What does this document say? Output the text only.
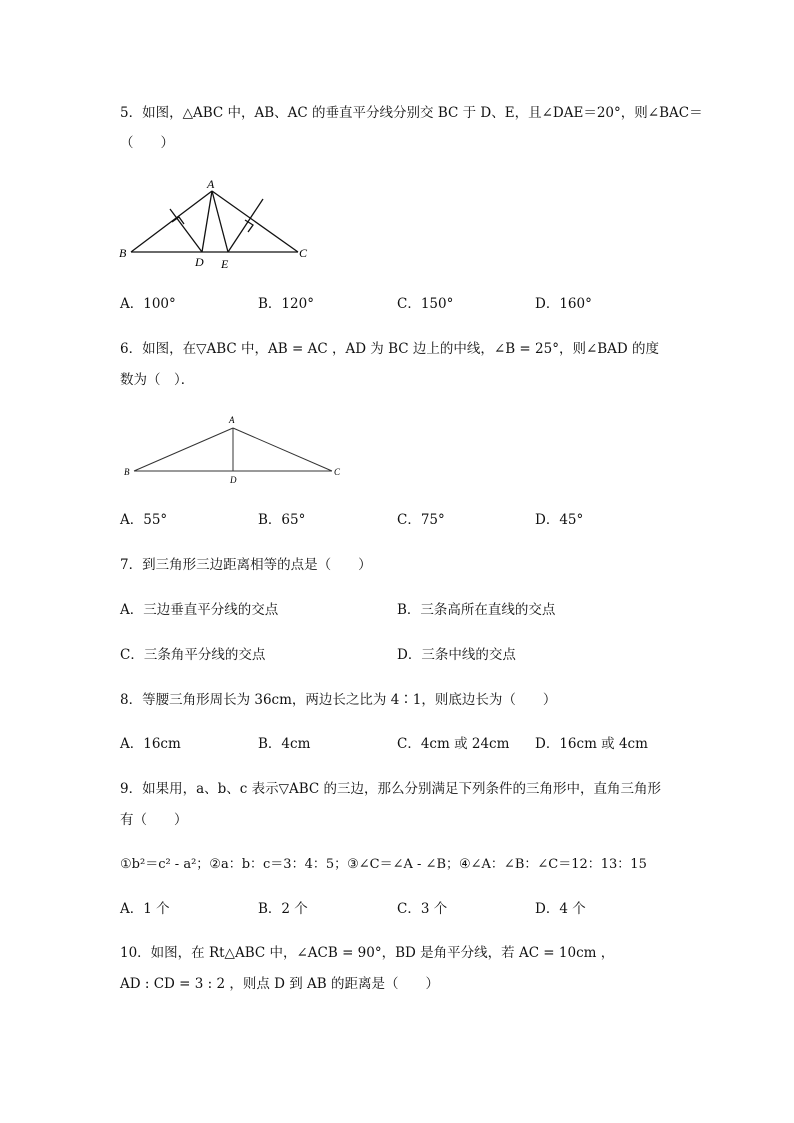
5．如图，△ABC 中，AB、AC 的垂直平分线分别交 BC 于 D、E，且∠DAE＝20°，则∠BAC＝
（　　）
A
B	C
D E
A．100°	B．120°	C．150°	D．160°
6．如图，在▽ABC 中，AB = AC ，AD 为 BC 边上的中线，∠B = 25°，则∠BAD 的度
数为（　）．
A
B	C
D
A．55°	B．65°	C．75°	D．45°
7．到三角形三边距离相等的点是（　　）
A．三边垂直平分线的交点	B．三条高所在直线的交点
C．三条角平分线的交点	D．三条中线的交点
8．等腰三角形周长为 36cm，两边长之比为 4∶1，则底边长为（　　）
A．16cm	B．4cm	C．4cm 或 24cm D．16cm 或 4cm
9．如果用，a、b、c 表示▽ABC 的三边，那么分别满足下列条件的三角形中，直角三角形
有（　　）
①b²＝c² - a²；②a：b：c＝3：4：5；③∠C＝∠A - ∠B；④∠A：∠B：∠C＝12：13：15
A．1 个	B．2 个	C．3 个	D．4 个
10．如图，在 Rt△ABC 中，∠ACB = 90°，BD 是角平分线，若 AC = 10cm ，
AD : CD = 3 : 2 ，则点 D 到 AB 的距离是（　　）
